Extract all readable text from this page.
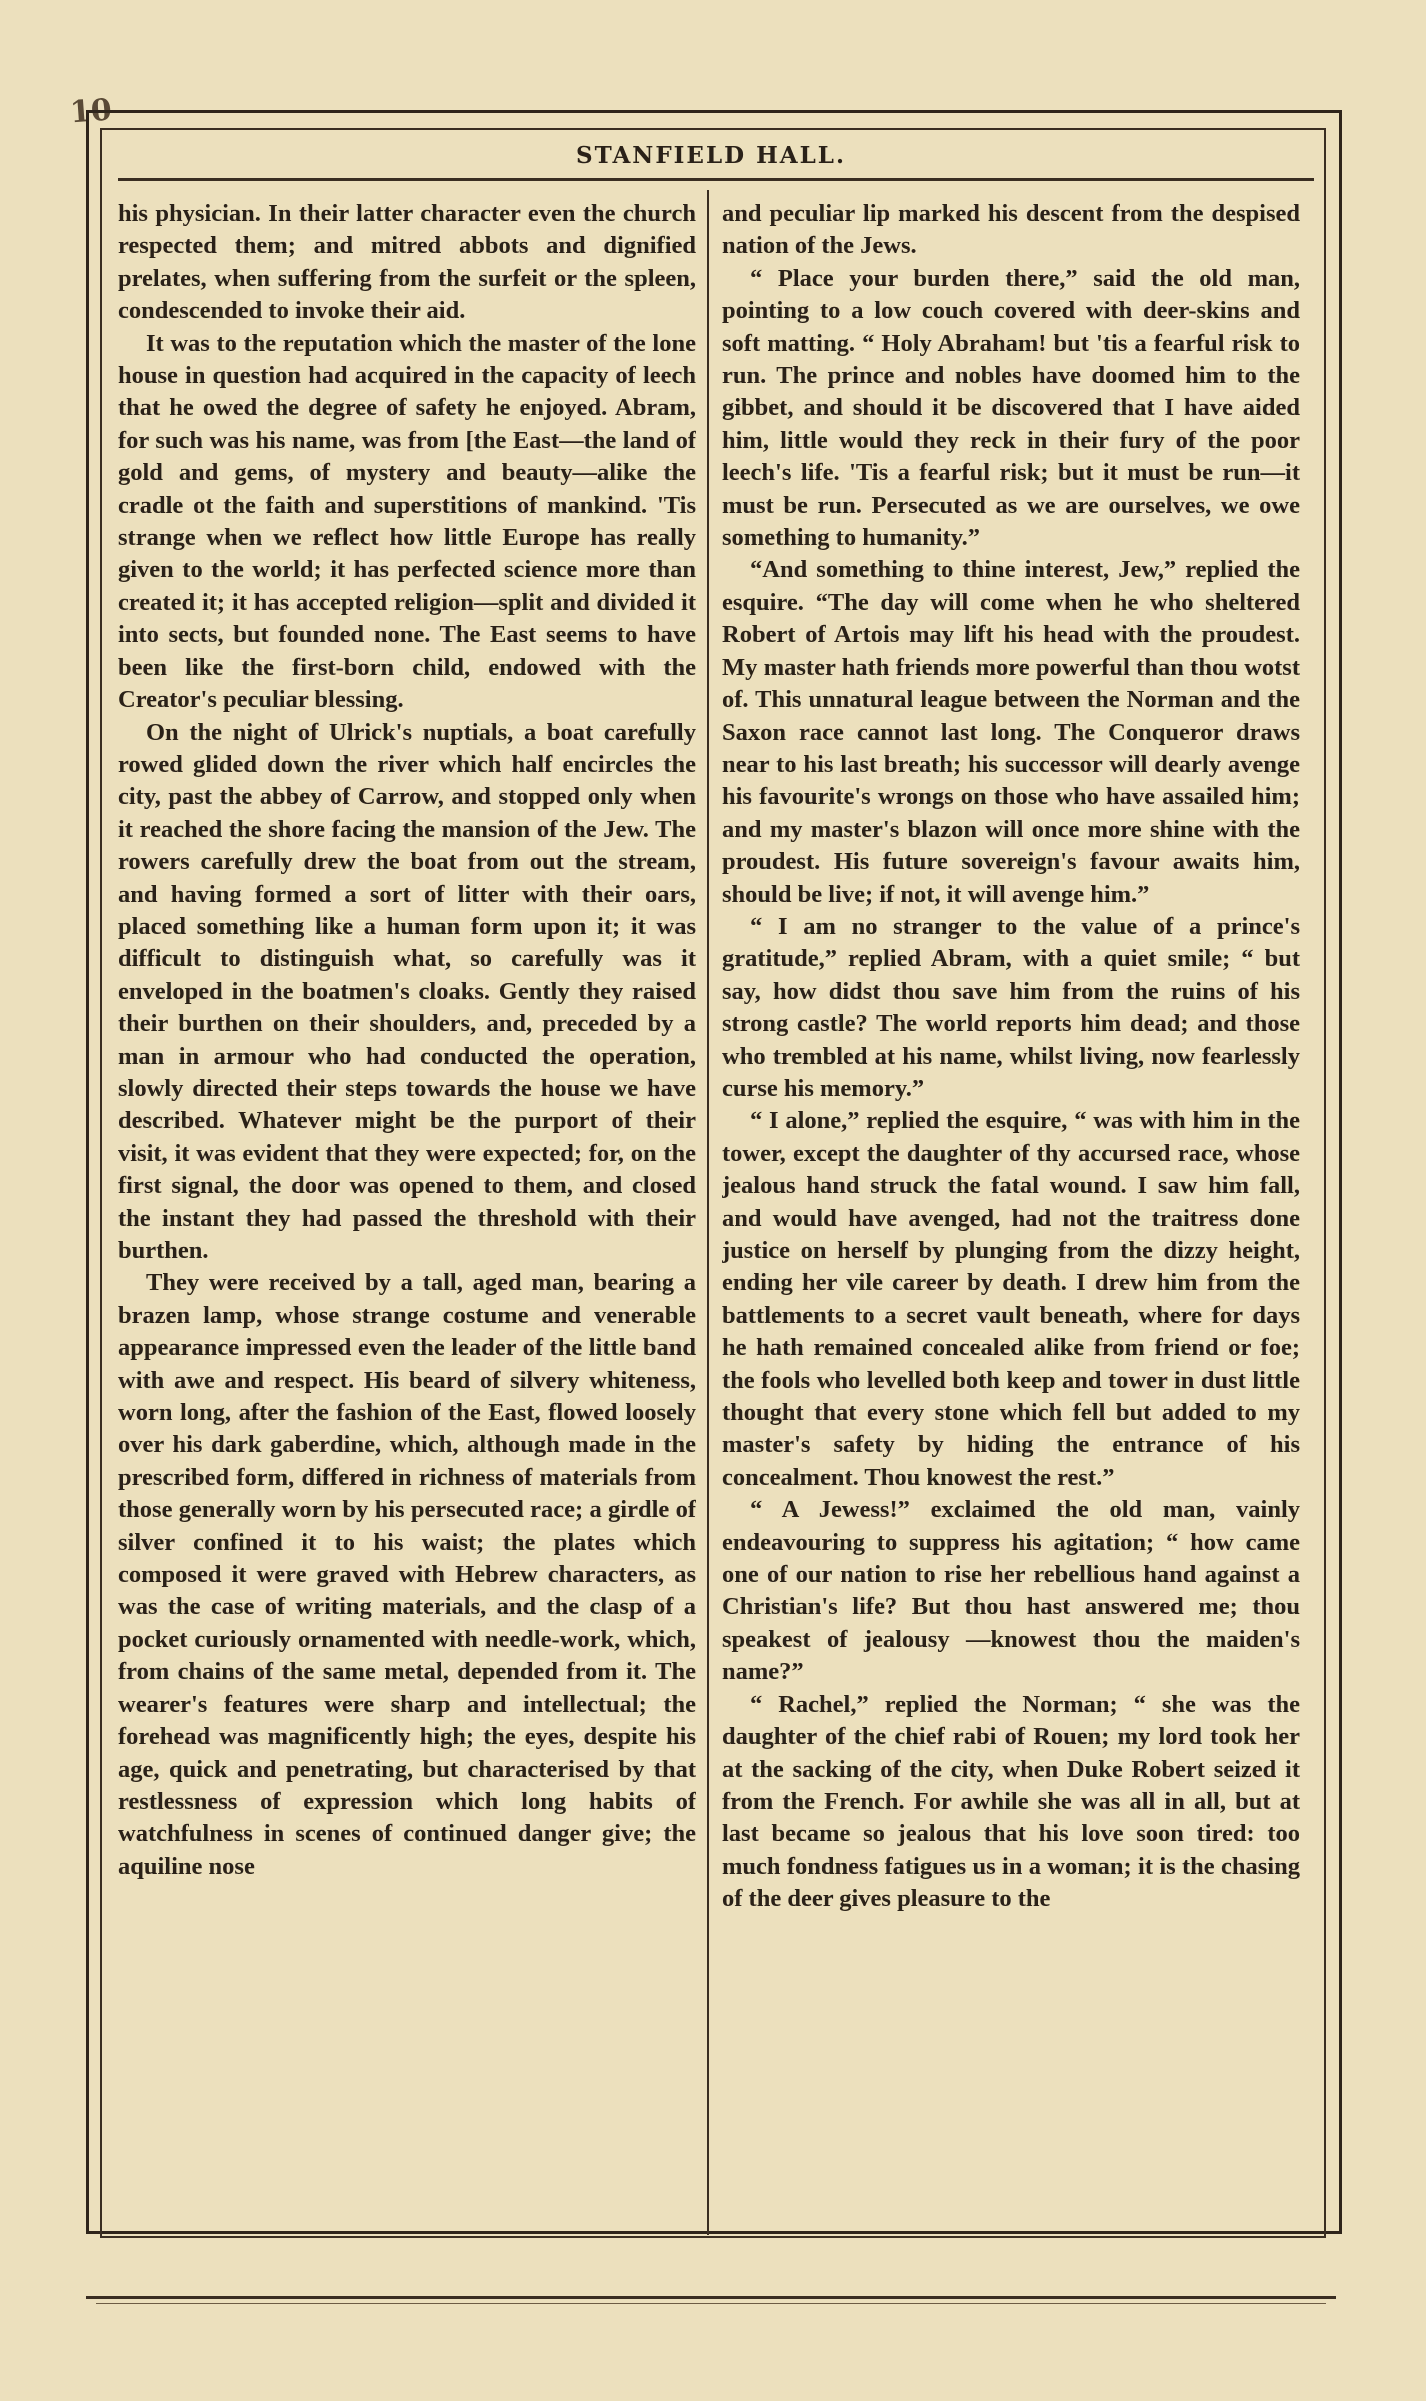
10
STANFIELD HALL.

his physician. In their latter character even the church respected them; and mitred abbots and dignified prelates, when suffering from the surfeit or the spleen, condescended to invoke their aid.

It was to the reputation which the master of the lone house in question had acquired in the capacity of leech that he owed the degree of safety he enjoyed. Abram, for such was his name, was from [the East—the land of gold and gems, of mystery and beauty—alike the cradle ot the faith and superstitions of mankind. 'Tis strange when we reflect how little Europe has really given to the world; it has perfected science more than created it; it has accepted religion—split and divided it into sects, but founded none. The East seems to have been like the first-born child, endowed with the Creator's peculiar blessing.

On the night of Ulrick's nuptials, a boat carefully rowed glided down the river which half encircles the city, past the abbey of Carrow, and stopped only when it reached the shore facing the mansion of the Jew. The rowers carefully drew the boat from out the stream, and having formed a sort of litter with their oars, placed something like a human form upon it; it was difficult to distinguish what, so carefully was it enveloped in the boatmen's cloaks. Gently they raised their burthen on their shoulders, and, preceded by a man in armour who had conducted the operation, slowly directed their steps towards the house we have described. Whatever might be the purport of their visit, it was evident that they were expected; for, on the first signal, the door was opened to them, and closed the instant they had passed the threshold with their burthen.

They were received by a tall, aged man, bearing a brazen lamp, whose strange costume and venerable appearance impressed even the leader of the little band with awe and respect. His beard of silvery whiteness, worn long, after the fashion of the East, flowed loosely over his dark gaberdine, which, although made in the prescribed form, differed in richness of materials from those generally worn by his persecuted race; a girdle of silver confined it to his waist; the plates which composed it were graved with Hebrew characters, as was the case of writing materials, and the clasp of a pocket curiously ornamented with needle-work, which, from chains of the same metal, depended from it. The wearer's features were sharp and intellectual; the forehead was magnificently high; the eyes, despite his age, quick and penetrating, but characterised by that restlessness of expression which long habits of watchfulness in scenes of continued danger give; the aquiline nose

and peculiar lip marked his descent from the despised nation of the Jews.

“ Place your burden there,” said the old man, pointing to a low couch covered with deer-skins and soft matting. “ Holy Abraham! but 'tis a fearful risk to run. The prince and nobles have doomed him to the gibbet, and should it be discovered that I have aided him, little would they reck in their fury of the poor leech's life. 'Tis a fearful risk; but it must be run—it must be run. Persecuted as we are ourselves, we owe something to humanity.”

“And something to thine interest, Jew,” replied the esquire. “The day will come when he who sheltered Robert of Artois may lift his head with the proudest. My master hath friends more powerful than thou wotst of. This unnatural league between the Norman and the Saxon race cannot last long. The Conqueror draws near to his last breath; his successor will dearly avenge his favourite's wrongs on those who have assailed him; and my master's blazon will once more shine with the proudest. His future sovereign's favour awaits him, should be live; if not, it will avenge him.”

“ I am no stranger to the value of a prince's gratitude,” replied Abram, with a quiet smile; “ but say, how didst thou save him from the ruins of his strong castle? The world reports him dead; and those who trembled at his name, whilst living, now fearlessly curse his memory.”

“ I alone,” replied the esquire, “ was with him in the tower, except the daughter of thy accursed race, whose jealous hand struck the fatal wound. I saw him fall, and would have avenged, had not the traitress done justice on herself by plunging from the dizzy height, ending her vile career by death. I drew him from the battlements to a secret vault beneath, where for days he hath remained concealed alike from friend or foe; the fools who levelled both keep and tower in dust little thought that every stone which fell but added to my master's safety by hiding the entrance of his concealment. Thou knowest the rest.”

“ A Jewess!” exclaimed the old man, vainly endeavouring to suppress his agitation; “ how came one of our nation to rise her rebellious hand against a Christian's life? But thou hast answered me; thou speakest of jealousy —knowest thou the maiden's name?”

“ Rachel,” replied the Norman; “ she was the daughter of the chief rabi of Rouen; my lord took her at the sacking of the city, when Duke Robert seized it from the French. For awhile she was all in all, but at last became so jealous that his love soon tired: too much fondness fatigues us in a woman; it is the chasing of the deer gives pleasure to the
